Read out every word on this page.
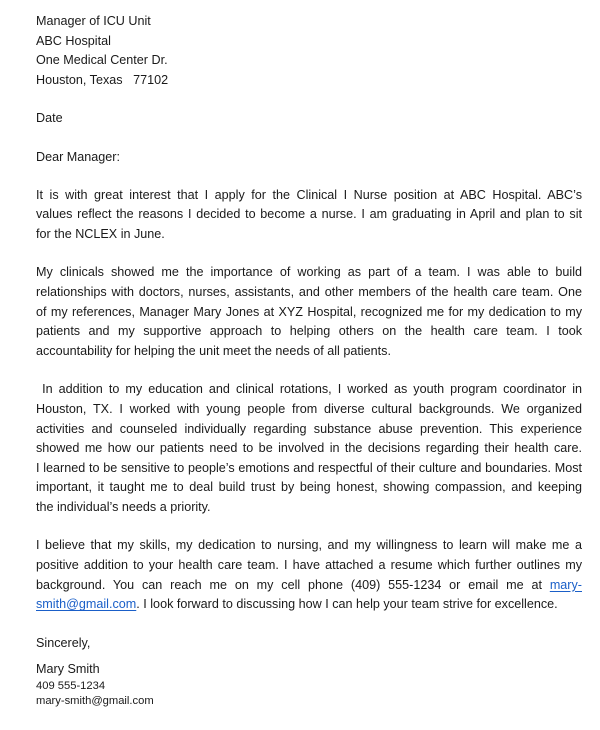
Manager of ICU Unit
ABC Hospital
One Medical Center Dr.
Houston, Texas   77102
Date
Dear Manager:
It is with great interest that I apply for the Clinical I Nurse position at ABC Hospital. ABC’s
values reflect the reasons I decided to become a nurse. I am graduating in April and plan to sit
for the NCLEX in June.
My clinicals showed me the importance of working as part of a team. I was able to build
relationships with doctors, nurses, assistants, and other members of the health care team. One
of my references, Manager Mary Jones at XYZ Hospital, recognized me for my dedication to my
patients and my supportive approach to helping others on the health care team. I took
accountability for helping the unit meet the needs of all patients.
In addition to my education and clinical rotations, I worked as youth program coordinator in
Houston, TX. I worked with young people from diverse cultural backgrounds. We organized
activities and counseled individually regarding substance abuse prevention. This experience
showed me how our patients need to be involved in the decisions regarding their health care.
I learned to be sensitive to people’s emotions and respectful of their culture and boundaries. Most
important, it taught me to deal build trust by being honest, showing compassion, and keeping
the individual’s needs a priority.
I believe that my skills, my dedication to nursing, and my willingness to learn will make me a
positive addition to your health care team. I have attached a resume which further outlines my
background. You can reach me on my cell phone (409) 555-1234 or email me at mary-
smith@gmail.com. I look forward to discussing how I can help your team strive for excellence.
Sincerely,
Mary Smith
409 555-1234
mary-smith@gmail.com
